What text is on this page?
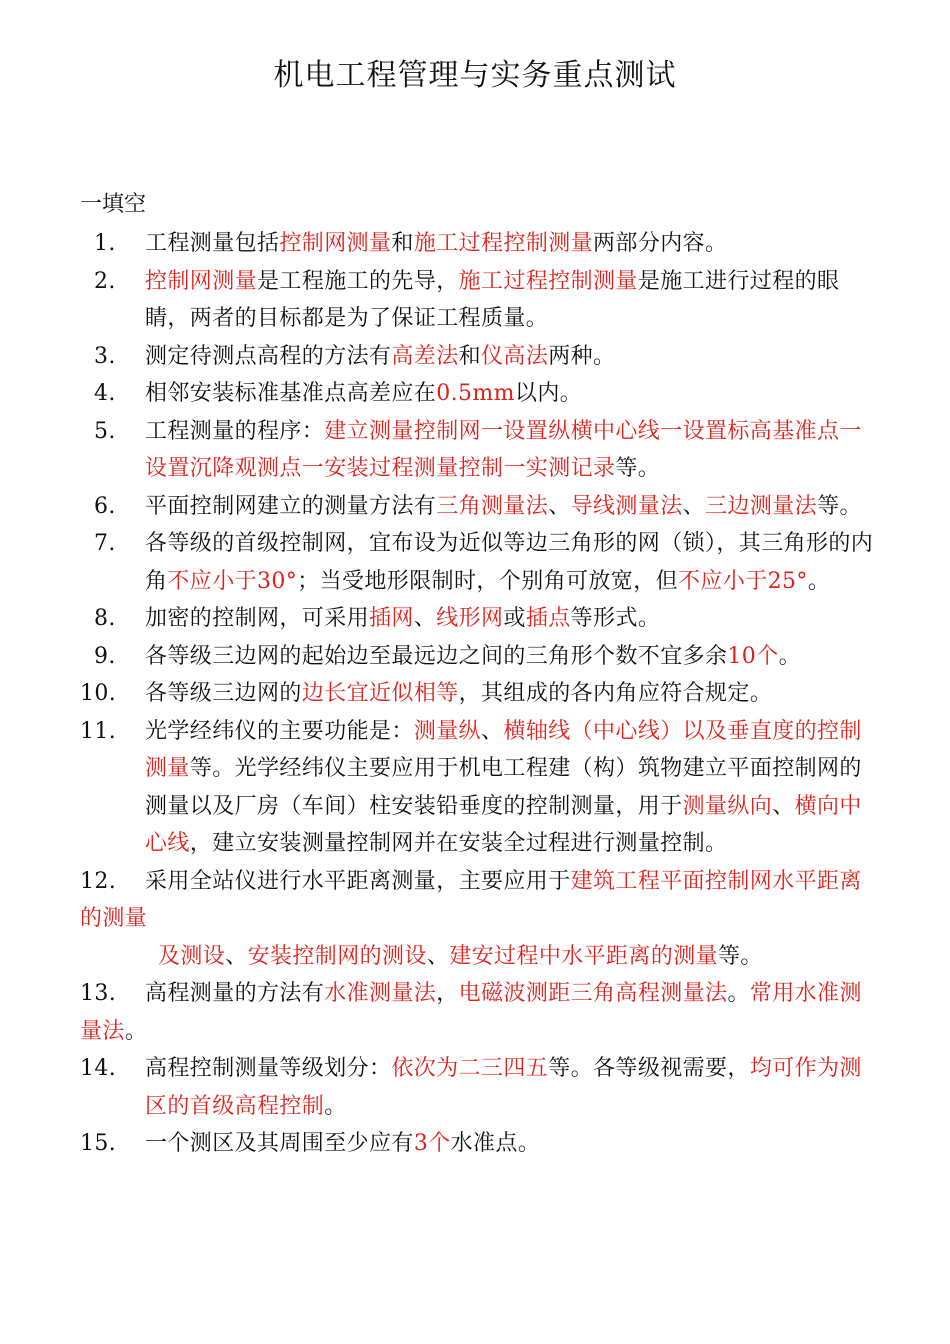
机电工程管理与实务重点测试
一填空
1.	工程测量包括控制网测量和施工过程控制测量两部分内容。
2.	控制网测量是工程施工的先导，施工过程控制测量是施工进行过程的眼睛，两者的目标都是为了保证工程质量。
3.	测定待测点高程的方法有高差法和仪高法两种。
4.	相邻安装标准基准点高差应在0.5mm以内。
5.	工程测量的程序：建立测量控制网一设置纵横中心线一设置标高基准点一设置沉降观测点一安装过程测量控制一实测记录等。
6.	平面控制网建立的测量方法有三角测量法、导线测量法、三边测量法等。
7.	各等级的首级控制网，宜布设为近似等边三角形的网（锁），其三角形的内角不应小于30°；当受地形限制时，个别角可放宽，但不应小于25°。
8.	加密的控制网，可采用插网、线形网或插点等形式。
9.	各等级三边网的起始边至最远边之间的三角形个数不宜多余10个。
10.	各等级三边网的边长宜近似相等，其组成的各内角应符合规定。
11.	光学经纬仪的主要功能是：测量纵、横轴线（中心线）以及垂直度的控制测量等。光学经纬仪主要应用于机电工程建（构）筑物建立平面控制网的测量以及厂房（车间）柱安装铅垂度的控制测量，用于测量纵向、横向中心线，建立安装测量控制网并在安装全过程进行测量控制。
12.	采用全站仪进行水平距离测量，主要应用于建筑工程平面控制网水平距离的测量
及测设、安装控制网的测设、建安过程中水平距离的测量等。
13.	高程测量的方法有水准测量法，电磁波测距三角高程测量法。常用水准测量法。
14.	高程控制测量等级划分：依次为二三四五等。各等级视需要，均可作为测区的首级高程控制。
15.	一个测区及其周围至少应有3个水准点。
